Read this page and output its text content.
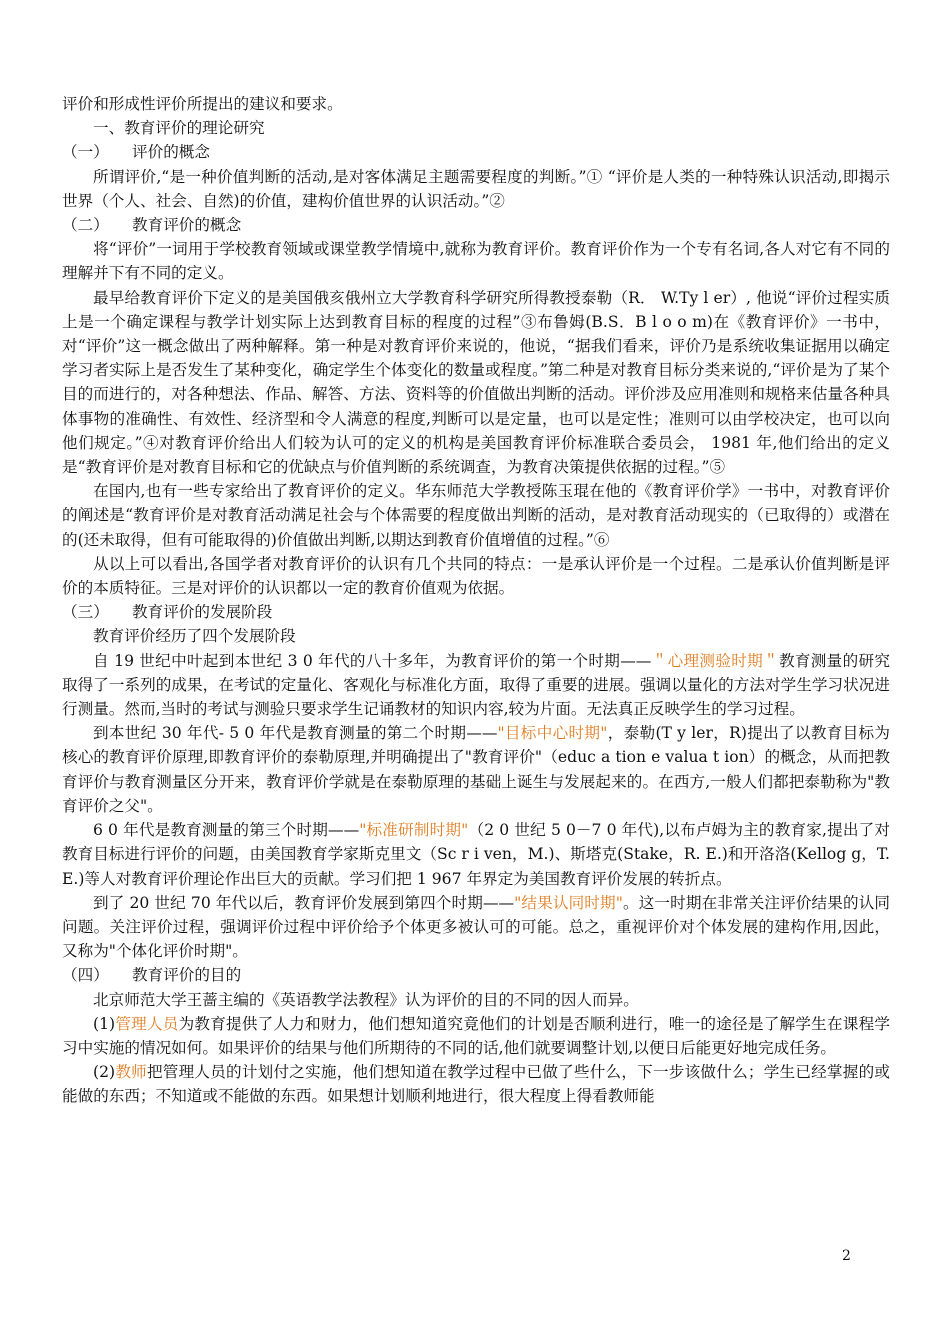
评价和形成性评价所提出的建议和要求。

一、教育评价的理论研究

（一） 评价的概念

所谓评价,“是一种价值判断的活动,是对客体满足主题需要程度的判断。”① “评价是人类的一种特殊认识活动,即揭示世界（个人、社会、自然)的价值，建构价值世界的认识活动。”②

（二） 教育评价的概念

将“评价”一词用于学校教育领域或课堂教学情境中,就称为教育评价。教育评价作为一个专有名词,各人对它有不同的理解并下有不同的定义。

最早给教育评价下定义的是美国俄亥俄州立大学教育科学研究所得教授泰勒（R． W.Ty l er）, 他说“评价过程实质上是一个确定课程与教学计划实际上达到教育目标的程度的过程”③布鲁姆(B.S．B l o o m)在《教育评价》一书中，对“评价”这一概念做出了两种解释。第一种是对教育评价来说的，他说，“据我们看来，评价乃是系统收集证据用以确定学习者实际上是否发生了某种变化，确定学生个体变化的数量或程度。”第二种是对教育目标分类来说的,“评价是为了某个目的而进行的，对各种想法、作品、解答、方法、资料等的价值做出判断的活动。评价涉及应用准则和规格来估量各种具体事物的准确性、有效性、经济型和令人满意的程度,判断可以是定量，也可以是定性；准则可以由学校决定，也可以向他们规定。”④对教育评价给出人们较为认可的定义的机构是美国教育评价标准联合委员会， 1981 年,他们给出的定义是“教育评价是对教育目标和它的优缺点与价值判断的系统调查，为教育决策提供依据的过程。”⑤

在国内,也有一些专家给出了教育评价的定义。华东师范大学教授陈玉琨在他的《教育评价学》一书中，对教育评价的阐述是“教育评价是对教育活动满足社会与个体需要的程度做出判断的活动，是对教育活动现实的（已取得的）或潜在的(还未取得，但有可能取得的)价值做出判断,以期达到教育价值增值的过程。”⑥

从以上可以看出,各国学者对教育评价的认识有几个共同的特点：一是承认评价是一个过程。二是承认价值判断是评价的本质特征。三是对评价的认识都以一定的教育价值观为依据。

（三） 教育评价的发展阶段

教育评价经历了四个发展阶段

自 19 世纪中叶起到本世纪 3 0 年代的八十多年，为教育评价的第一个时期——＂心理测验时期＂教育测量的研究取得了一系列的成果，在考试的定量化、客观化与标准化方面，取得了重要的进展。强调以量化的方法对学生学习状况进行测量。然而,当时的考试与测验只要求学生记诵教材的知识内容,较为片面。无法真正反映学生的学习过程。

到本世纪 30 年代- 5 0 年代是教育测量的第二个时期——"目标中心时期"，泰勒(T y ler，R)提出了以教育目标为核心的教育评价原理,即教育评价的泰勒原理,并明确提出了"教育评价"（educ a tion e valua t ion）的概念，从而把教育评价与教育测量区分开来，教育评价学就是在泰勒原理的基础上诞生与发展起来的。在西方,一般人们都把泰勒称为"教育评价之父"。

6 0 年代是教育测量的第三个时期——"标准研制时期"（2 0 世纪 5 0－7 0 年代),以布卢姆为主的教育家,提出了对教育目标进行评价的问题，由美国教育学家斯克里文（Sc r i ven，M.)、斯塔克(Stake，R. E.)和开洛洛(Kellog g，T. E.)等人对教育评价理论作出巨大的贡献。学习们把 1 967 年界定为美国教育评价发展的转折点。

到了 20 世纪 70 年代以后，教育评价发展到第四个时期——"结果认同时期"。这一时期在非常关注评价结果的认同问题。关注评价过程，强调评价过程中评价给予个体更多被认可的可能。总之，重视评价对个体发展的建构作用,因此，又称为"个体化评价时期"。

（四） 教育评价的目的

北京师范大学王蔷主编的《英语教学法教程》认为评价的目的不同的因人而异。

(1)管理人员为教育提供了人力和财力，他们想知道究竟他们的计划是否顺利进行，唯一的途径是了解学生在课程学习中实施的情况如何。如果评价的结果与他们所期待的不同的话,他们就要调整计划,以便日后能更好地完成任务。

(2)教师把管理人员的计划付之实施，他们想知道在教学过程中已做了些什么，下一步该做什么；学生已经掌握的或能做的东西；不知道或不能做的东西。如果想计划顺利地进行，很大程度上得看教师能

2
